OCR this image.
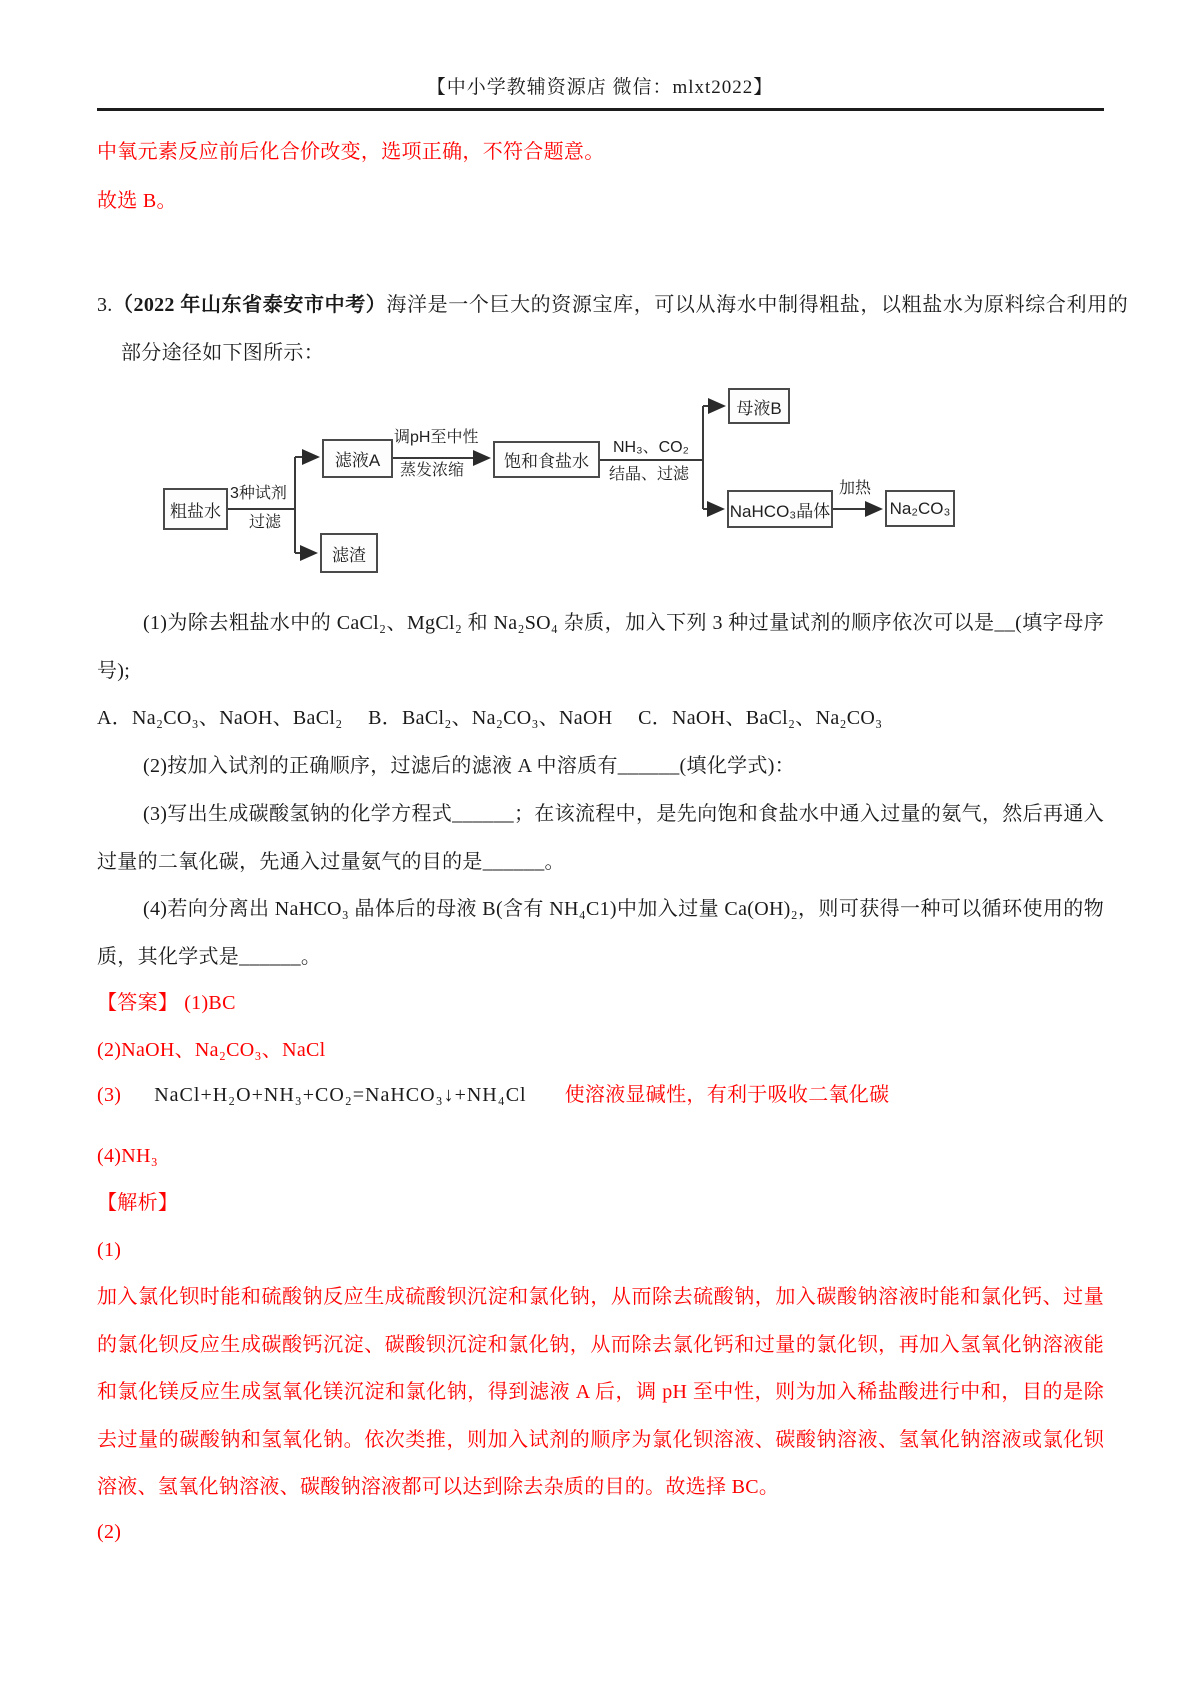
【中小学教辅资源店 微信：mlxt2022】
中氧元素反应前后化合价改变，选项正确，不符合题意。
故选 B。
3.（2022 年山东省泰安市中考）海洋是一个巨大的资源宝库，可以从海水中制得粗盐，以粗盐水为原料综合利用的部分途径如下图所示：
粗盐水
滤液A
滤渣
饱和食盐水
母液B
NaHCO₃晶体	Na₂CO₃
3种试剂
过滤
调pH至中性
蒸发浓缩
NH₃、CO₂
结晶、过滤
加热
(1)为除去粗盐水中的 CaCl₂、MgCl₂ 和 Na₂SO₄ 杂质，加入下列 3 种过量试剂的顺序依次可以是__(填字母序号);
A．Na₂CO₃、NaOH、BaCl₂　 B．BaCl₂、Na₂CO₃、NaOH　 C．NaOH、BaCl₂、Na₂CO₃
(2)按加入试剂的正确顺序，过滤后的滤液 A 中溶质有______(填化学式)：
(3)写出生成碳酸氢钠的化学方程式______；在该流程中，是先向饱和食盐水中通入过量的氨气，然后再通入过量的二氧化碳，先通入过量氨气的目的是______。
(4)若向分离出 NaHCO₃ 晶体后的母液 B(含有 NH₄C1)中加入过量 Ca(OH)₂，则可获得一种可以循环使用的物质，其化学式是______。
【答案】 (1)BC
(2)NaOH、Na₂CO₃、NaCl
(3) NaCl+H₂O+NH₃+CO₂=NaHCO₃↓+NH₄Cl 使溶液显碱性，有利于吸收二氧化碳
(4)NH₃
【解析】
(1)
加入氯化钡时能和硫酸钠反应生成硫酸钡沉淀和氯化钠，从而除去硫酸钠，加入碳酸钠溶液时能和氯化钙、过量的氯化钡反应生成碳酸钙沉淀、碳酸钡沉淀和氯化钠，从而除去氯化钙和过量的氯化钡，再加入氢氧化钠溶液能和氯化镁反应生成氢氧化镁沉淀和氯化钠，得到滤液 A 后，调 pH 至中性，则为加入稀盐酸进行中和，目的是除去过量的碳酸钠和氢氧化钠。依次类推，则加入试剂的顺序为氯化钡溶液、碳酸钠溶液、氢氧化钠溶液或氯化钡溶液、氢氧化钠溶液、碳酸钠溶液都可以达到除去杂质的目的。故选择 BC。
(2)
